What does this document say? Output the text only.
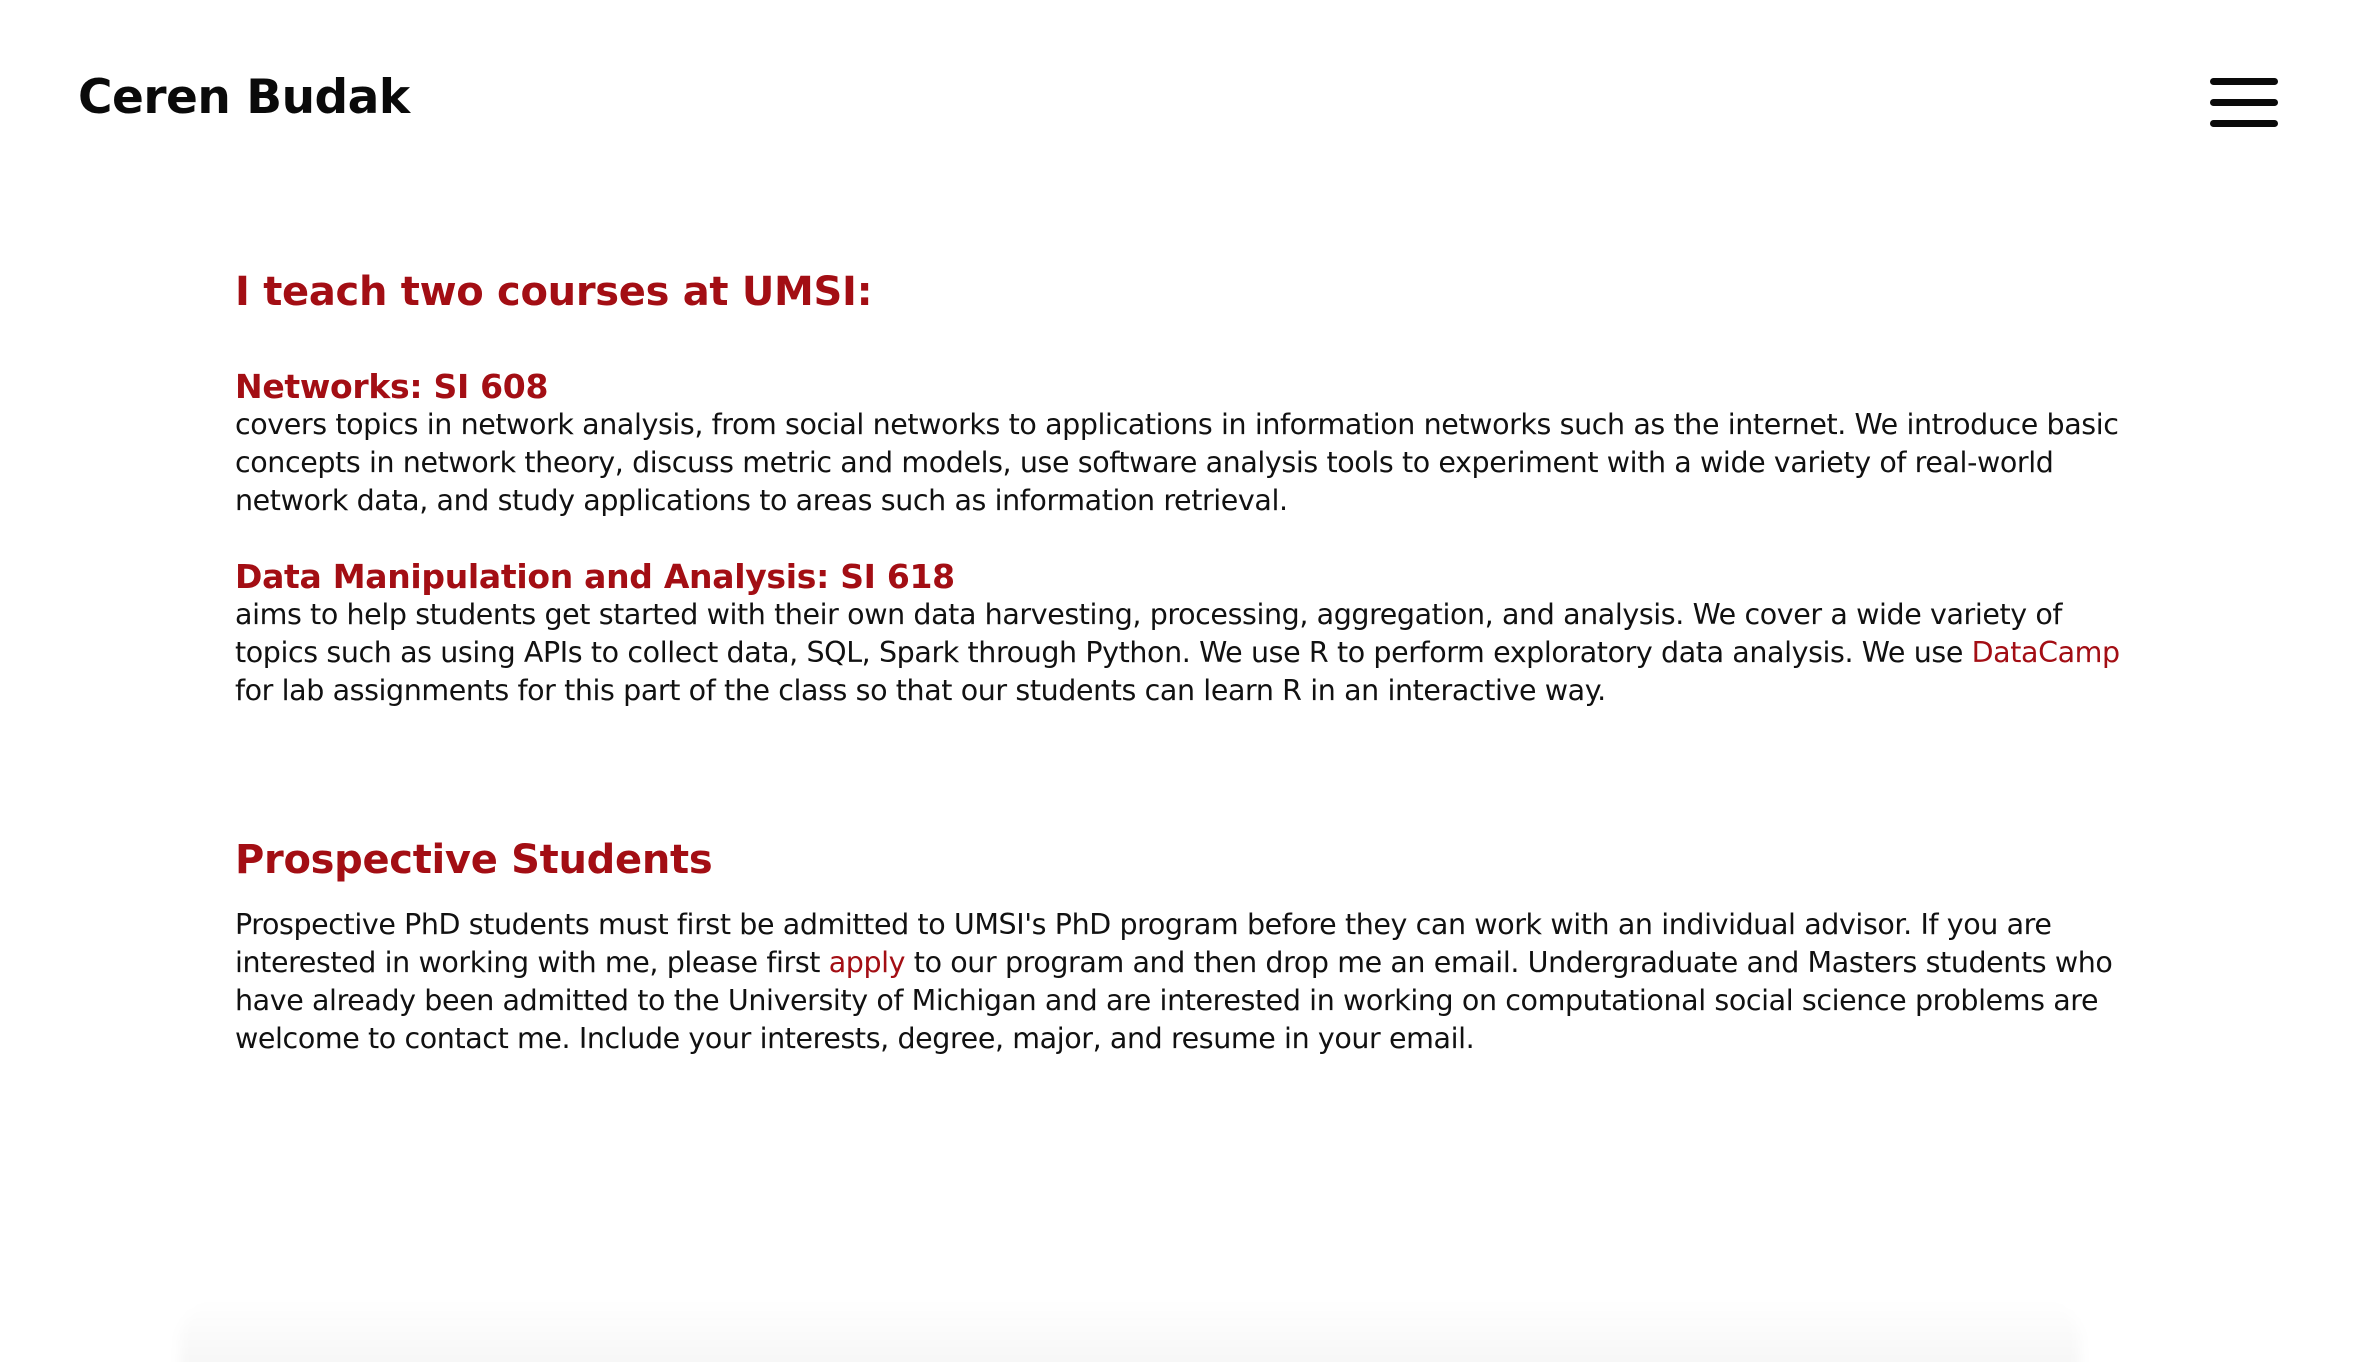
Ceren Budak
I teach two courses at UMSI:
Networks: SI 608
covers topics in network analysis, from social networks to applications in information networks such as the internet. We introduce basic concepts in network theory, discuss metric and models, use software analysis tools to experiment with a wide variety of real-world network data, and study applications to areas such as information retrieval.
Data Manipulation and Analysis: SI 618
aims to help students get started with their own data harvesting, processing, aggregation, and analysis. We cover a wide variety of topics such as using APIs to collect data, SQL, Spark through Python. We use R to perform exploratory data analysis. We use DataCamp for lab assignments for this part of the class so that our students can learn R in an interactive way.
Prospective Students
Prospective PhD students must first be admitted to UMSI's PhD program before they can work with an individual advisor. If you are interested in working with me, please first apply to our program and then drop me an email. Undergraduate and Masters students who have already been admitted to the University of Michigan and are interested in working on computational social science problems are welcome to contact me. Include your interests, degree, major, and resume in your email.
